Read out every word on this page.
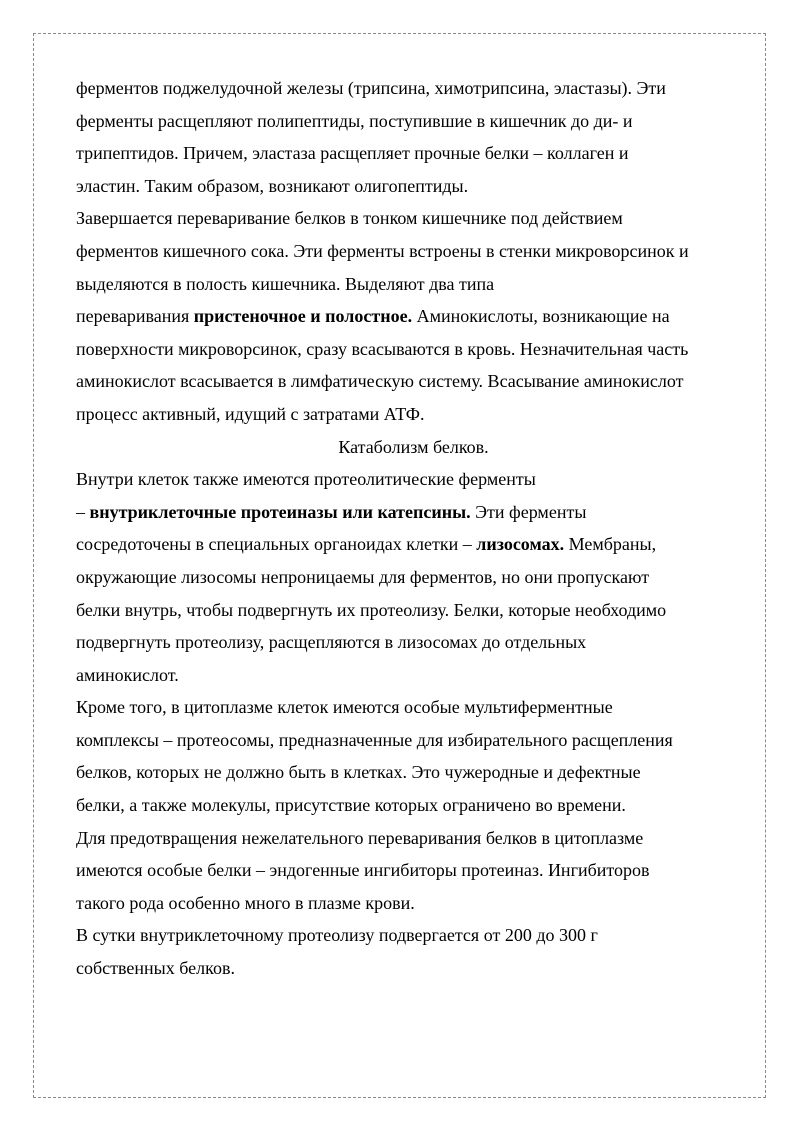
ферментов поджелудочной железы (трипсина, химотрипсина, эластазы). Эти
ферменты расщепляют полипептиды, поступившие в кишечник до ди- и
трипептидов. Причем, эластаза расщепляет прочные белки – коллаген и
эластин. Таким образом, возникают олигопептиды.
Завершается переваривание белков в тонком кишечнике под действием
ферментов кишечного сока. Эти ферменты встроены в стенки микроворсинок и
выделяются в полость кишечника. Выделяют два типа
переваривания пристеночное и полостное. Аминокислоты, возникающие на
поверхности микроворсинок, сразу всасываются в кровь. Незначительная часть
аминокислот всасывается в лимфатическую систему. Всасывание аминокислот
процесс активный, идущий с затратами АТФ.
Катаболизм белков.
Внутри клеток также имеются протеолитические ферменты
– внутриклеточные протеиназы или катепсины. Эти ферменты
сосредоточены в специальных органоидах клетки – лизосомах. Мембраны,
окружающие лизосомы непроницаемы для ферментов, но они пропускают
белки внутрь, чтобы подвергнуть их протеолизу. Белки, которые необходимо
подвергнуть протеолизу, расщепляются в лизосомах до отдельных
аминокислот.
Кроме того, в цитоплазме клеток имеются особые мультиферментные
комплексы – протеосомы, предназначенные для избирательного расщепления
белков, которых не должно быть в клетках. Это чужеродные и дефектные
белки, а также молекулы, присутствие которых ограничено во времени.
Для предотвращения нежелательного переваривания белков в цитоплазме
имеются особые белки – эндогенные ингибиторы протеиназ. Ингибиторов
такого рода особенно много в плазме крови.
В сутки внутриклеточному протеолизу подвергается от 200 до 300 г
собственных белков.
